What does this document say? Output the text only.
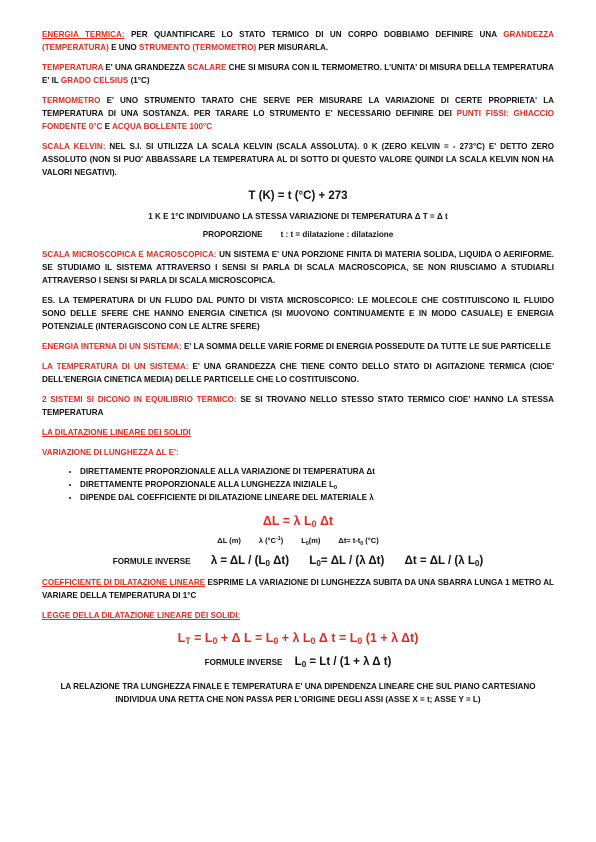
ENERGIA TERMICA: PER QUANTIFICARE LO STATO TERMICO DI UN CORPO DOBBIAMO DEFINIRE UNA GRANDEZZA (TEMPERATURA) E UNO STRUMENTO (TERMOMETRO) PER MISURARLA.

TEMPERATURA E' UNA GRANDEZZA SCALARE CHE SI MISURA CON IL TERMOMETRO. L'UNITA' DI MISURA DELLA TEMPERATURA E' IL GRADO CELSIUS (1°C)

TERMOMETRO E' UNO STRUMENTO TARATO CHE SERVE PER MISURARE LA VARIAZIONE DI CERTE PROPRIETA' LA TEMPERATURA DI UNA SOSTANZA. PER TARARE LO STRUMENTO E' NECESSARIO DEFINIRE DEI PUNTI FISSI: GHIACCIO FONDENTE 0°C E ACQUA BOLLENTE 100°C

SCALA KELVIN: NEL S.I. SI UTILIZZA LA SCALA KELVIN (SCALA ASSOLUTA). 0 K (ZERO KELVIN = - 273°C) E' DETTO ZERO ASSOLUTO (NON SI PUO' ABBASSARE LA TEMPERATURA AL DI SOTTO DI QUESTO VALORE QUINDI LA SCALA KELVIN NON HA VALORI NEGATIVI).

T (K) = t (°C) + 273

1 K E 1°C INDIVIDUANO LA STESSA VARIAZIONE DI TEMPERATURA Δ T = Δ t

PROPORZIONE t : t = dilatazione : dilatazione

SCALA MICROSCOPICA E MACROSCOPICA: UN SISTEMA E' UNA PORZIONE FINITA DI MATERIA SOLIDA, LIQUIDA O AERIFORME. SE STUDIAMO IL SISTEMA ATTRAVERSO I SENSI SI PARLA DI SCALA MACROSCOPICA, SE NON RIUSCIAMO A STUDIARLI ATTRAVERSO I SENSI SI PARLA DI SCALA MICROSCOPICA.

ES. LA TEMPERATURA DI UN FLUDO DAL PUNTO DI VISTA MICROSCOPICO: LE MOLECOLE CHE COSTITUISCONO IL FLUIDO SONO DELLE SFERE CHE HANNO ENERGIA CINETICA (SI MUOVONO CONTINUAMENTE E IN MODO CASUALE) E ENERGIA POTENZIALE (INTERAGISCONO CON LE ALTRE SFERE)

ENERGIA INTERNA DI UN SISTEMA: E' LA SOMMA DELLE VARIE FORME DI ENERGIA POSSEDUTE DA TUTTE LE SUE PARTICELLE

LA TEMPERATURA DI UN SISTEMA: E' UNA GRANDEZZA CHE TIENE CONTO DELLO STATO DI AGITAZIONE TERMICA (CIOE' DELL'ENERGIA CINETICA MEDIA) DELLE PARTICELLE CHE LO COSTITUISCONO.

2 SISTEMI SI DICONO IN EQUILIBRIO TERMICO: SE SI TROVANO NELLO STESSO STATO TERMICO CIOE' HANNO LA STESSA TEMPERATURA

LA DILATAZIONE LINEARE DEI SOLIDI

VARIAZIONE DI LUNGHEZZA ΔL E':

• DIRETTAMENTE PROPORZIONALE ALLA VARIAZIONE DI TEMPERATURA Δt
• DIRETTAMENTE PROPORZIONALE ALLA LUNGHEZZA INIZIALE $L_0$
• DIPENDE DAL COEFFICIENTE DI DILATAZIONE LINEARE DEL MATERIALE λ

ΔL = λ $L_0$ Δt

ΔL (m) λ $(^\circ C^{-1})$ $L_0(m)$ $\Delta t= t-t_0$ (°C)

FORMULE INVERSE $\lambda = \Delta L / (L_0$ Δt) $L_0= \Delta L / (\lambda$ Δt) Δt = ΔL / (λ $L_0$)

COEFFICIENTE DI DILATAZIONE LINEARE ESPRIME LA VARIAZIONE DI LUNGHEZZA SUBITA DA UNA SBARRA LUNGA 1 METRO AL VARIARE DELLA TEMPERATURA DI 1°C

LEGGE DELLA DILATAZIONE LINEARE DEI SOLIDI:

$L_T = L_0 + \Delta$ $L = L_0 + \lambda$ $L_0$ Δ $t = L_0$ (1 + λ Δt)

FORMULE INVERSE $L_0 = Lt / (1 + \lambda$ Δ t)

LA RELAZIONE TRA LUNGHEZZA FINALE E TEMPERATURA E' UNA DIPENDENZA LINEARE CHE SUL PIANO CARTESIANO INDIVIDUA UNA RETTA CHE NON PASSA PER L'ORIGINE DEGLI ASSI (ASSE X = t; ASSE Y = L)
